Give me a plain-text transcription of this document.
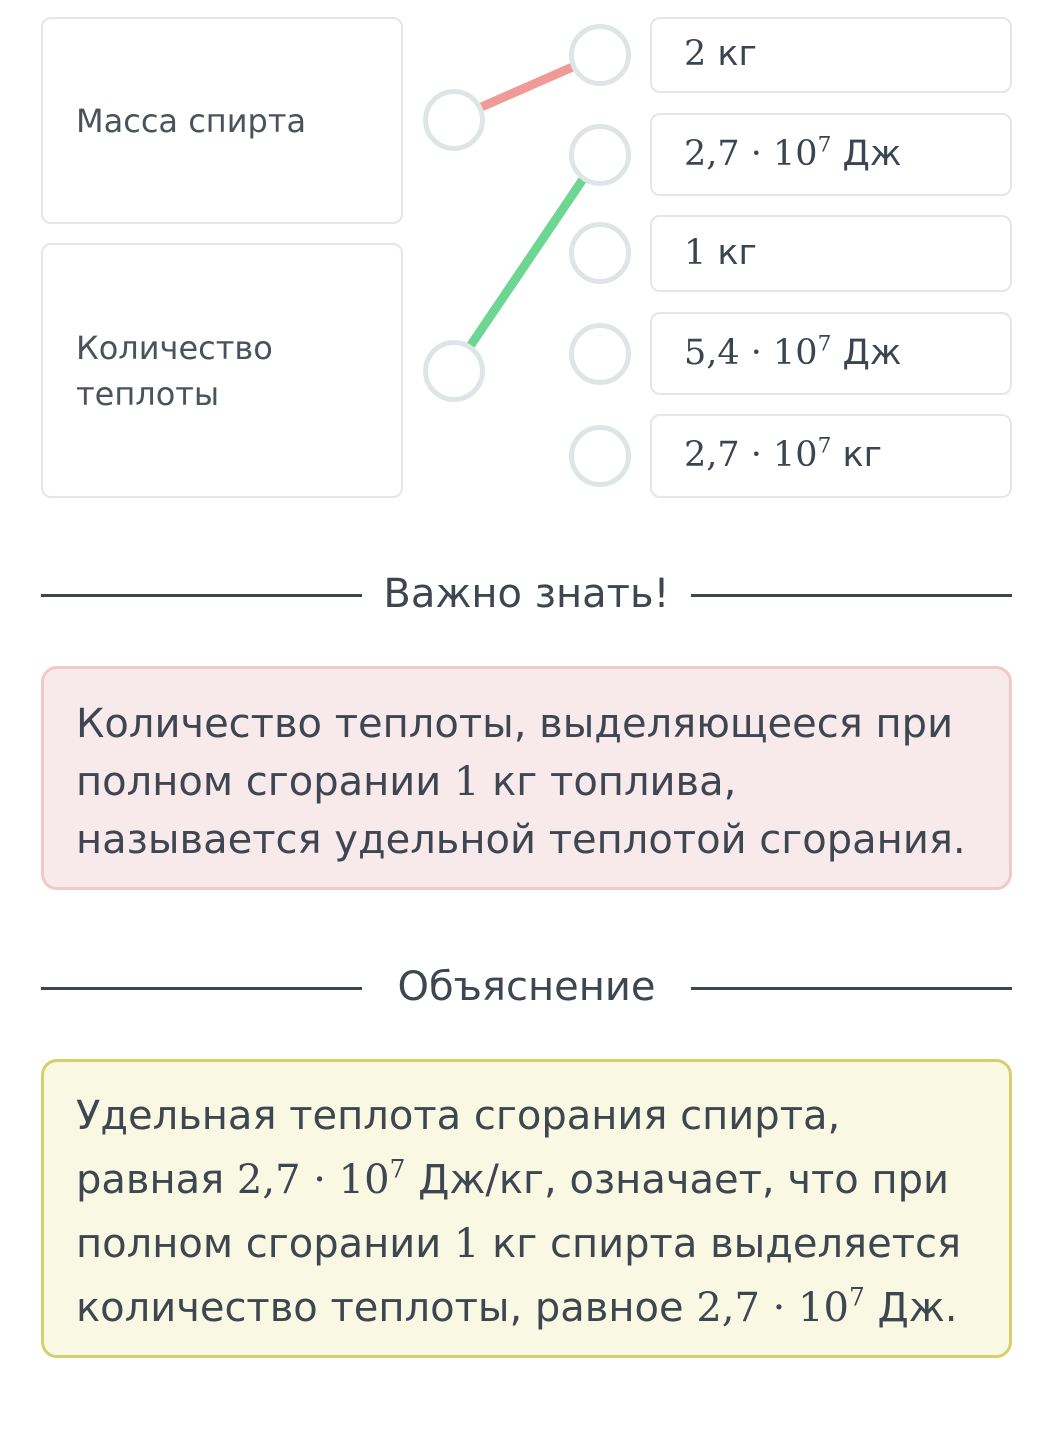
Масса спирта
Количество теплоты
2 кг
$2,7 \cdot 10^7$ Дж
1 кг
$5,4 \cdot 10^7$ Дж
$2,7 \cdot 10^7$ кг
Важно знать!
Количество теплоты, выделяющееся при полном сгорании 1 кг топлива, называется удельной теплотой сгорания.
Объяснение
Удельная теплота сгорания спирта, равная $2,7 \cdot 10^7$ Дж/кг, означает, что при полном сгорании 1 кг спирта выделяется количество теплоты, равное $2,7 \cdot 10^7$ Дж.
